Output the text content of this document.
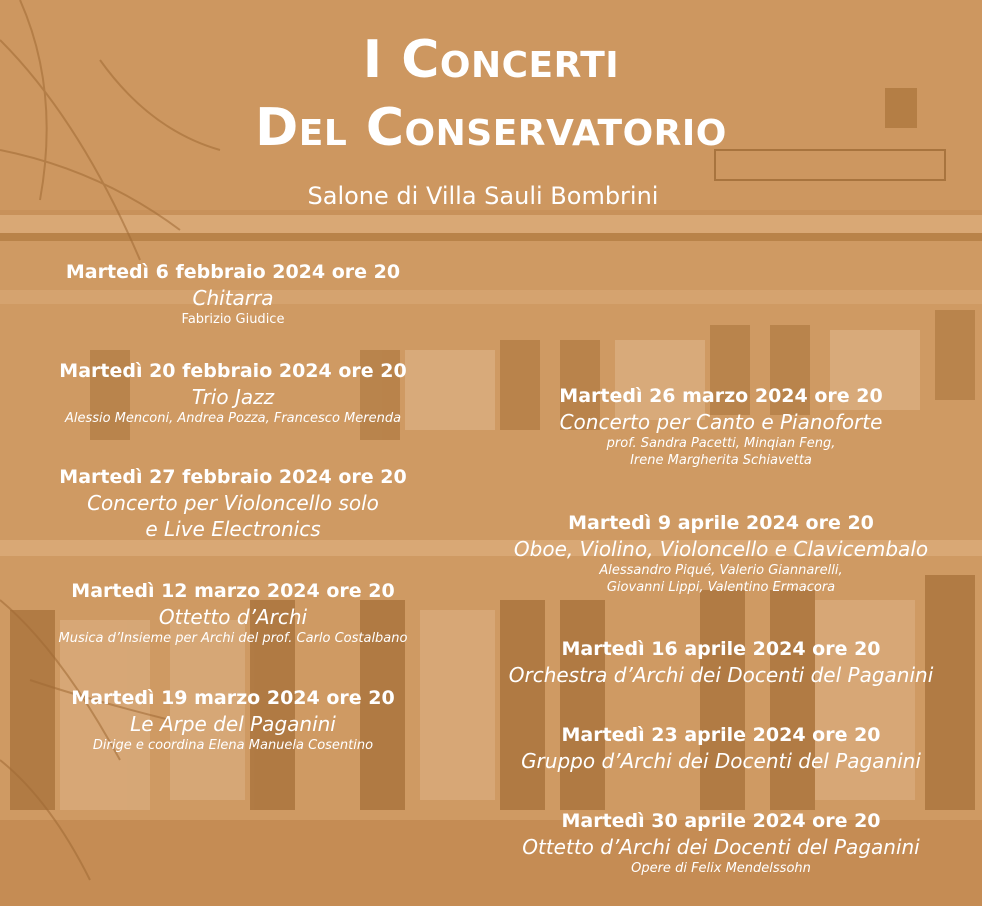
I Concerti
Del Conservatorio
Salone di Villa Sauli Bombrini
Martedì 6 febbraio 2024 ore 20
Chitarra
Fabrizio Giudice
Martedì 20 febbraio 2024 ore 20
Trio Jazz
Alessio Menconi, Andrea Pozza, Francesco Merenda
Martedì 27 febbraio 2024 ore 20
Concerto per Violoncello solo
e Live Electronics
Martedì 12 marzo 2024 ore 20
Ottetto d’Archi
Musica d’Insieme per Archi del prof. Carlo Costalbano
Martedì 19 marzo 2024 ore 20
Le Arpe del Paganini
Dirige e coordina Elena Manuela Cosentino
Martedì 26 marzo 2024 ore 20
Concerto per Canto e Pianoforte
prof. Sandra Pacetti, Minqian Feng,
Irene Margherita Schiavetta
Martedì 9 aprile 2024 ore 20
Oboe, Violino, Violoncello e Clavicembalo
Alessandro Piqué, Valerio Giannarelli,
Giovanni Lippi, Valentino Ermacora
Martedì 16 aprile 2024 ore 20
Orchestra d’Archi dei Docenti del Paganini
Martedì 23 aprile 2024 ore 20
Gruppo d’Archi dei Docenti del Paganini
Martedì 30 aprile 2024 ore 20
Ottetto d’Archi dei Docenti del Paganini
Opere di Felix Mendelssohn
